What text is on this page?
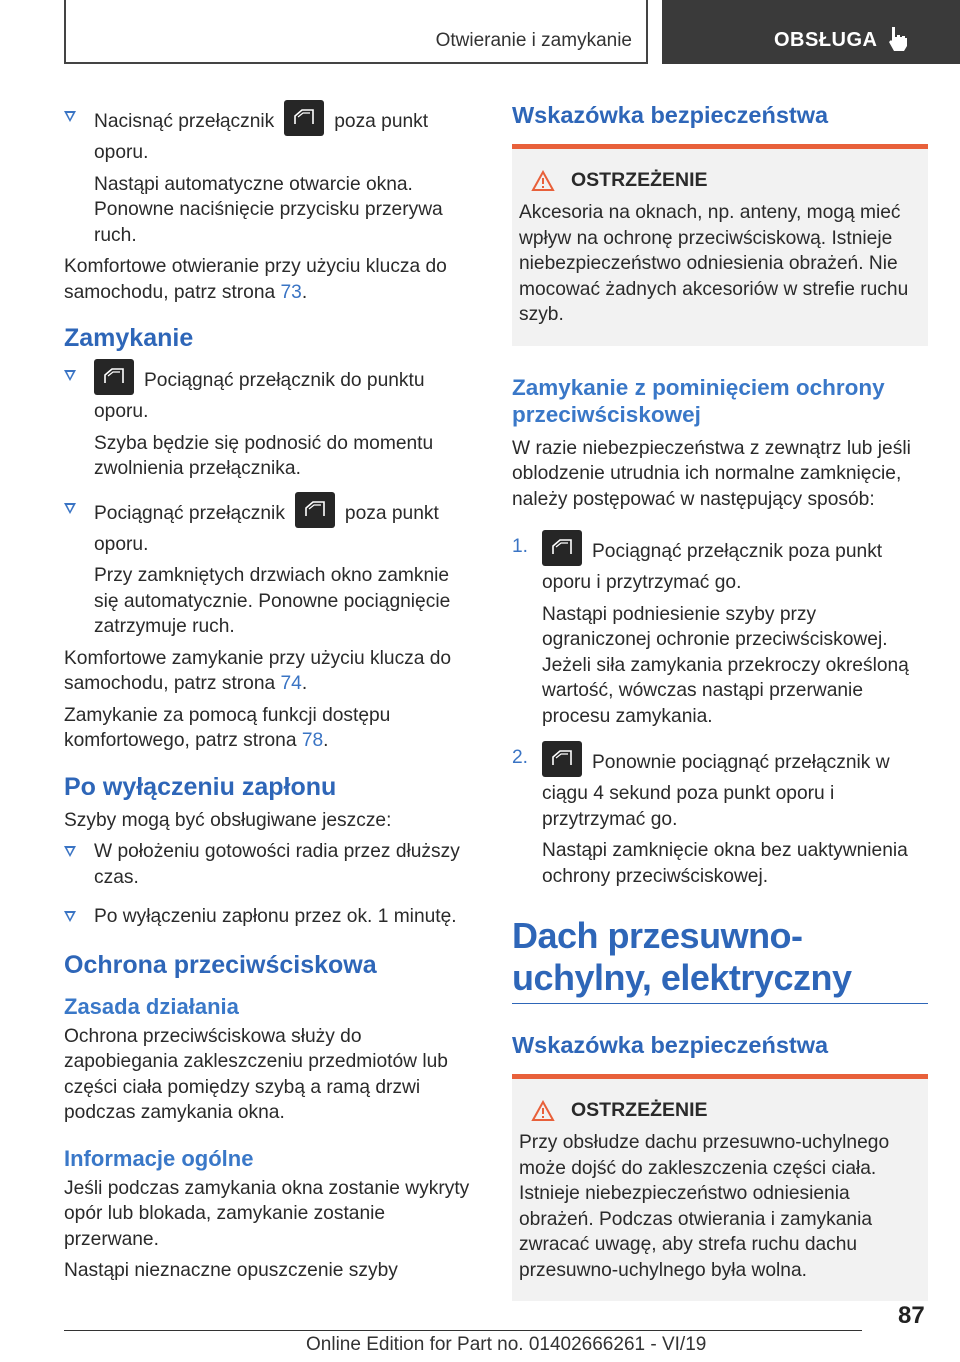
Otwieranie i zamykanie	OBSŁUGA
Nacisnąć przełącznik	poza punkt oporu.
Nastąpi automatyczne otwarcie okna. Ponowne naciśnięcie przycisku przerywa ruch.

Komfortowe otwieranie przy użyciu klucza do samochodu, patrz strona 73.

Zamykanie
Pociągnąć przełącznik do punktu oporu.
Szyba będzie się podnosić do momentu zwolnienia przełącznika.
Pociągnąć przełącznik	poza punkt oporu.
Przy zamkniętych drzwiach okno zamknie się automatycznie. Ponowne pociągnięcie zatrzymuje ruch.

Komfortowe zamykanie przy użyciu klucza do samochodu, patrz strona 74.

Zamykanie za pomocą funkcji dostępu komfortowego, patrz strona 78.

Po wyłączeniu zapłonu

Szyby mogą być obsługiwane jeszcze:

W położeniu gotowości radia przez dłuższy czas.
Po wyłączeniu zapłonu przez ok. 1 minutę.
Ochrona przeciwściskowa
Zasada działania

Ochrona przeciwściskowa służy do zapobiegania zakleszczeniu przedmiotów lub części ciała pomiędzy szybą a ramą drzwi podczas zamykania okna.

Informacje ogólne

Jeśli podczas zamykania okna zostanie wykryty opór lub blokada, zamykanie zostanie przerwane.

Nastąpi nieznaczne opuszczenie szyby

Wskazówka bezpieczeństwa
OSTRZEŻENIE
Akcesoria na oknach, np. anteny, mogą mieć wpływ na ochronę przeciwściskową. Istnieje niebezpieczeństwo odniesienia obrażeń. Nie mocować żadnych akcesoriów w strefie ruchu szyb.
Zamykanie z pominięciem ochrony przeciwściskowej

W razie niebezpieczeństwa z zewnątrz lub jeśli oblodzenie utrudnia ich normalne zamknięcie, należy postępować w następujący sposób:

1.	Pociągnąć przełącznik poza punkt oporu i przytrzymać go.
Nastąpi podniesienie szyby przy ograniczonej ochronie przeciwściskowej. Jeżeli siła zamykania przekroczy określoną wartość, wówczas nastąpi przerwanie procesu zamykania.
2.	Ponownie pociągnąć przełącznik w ciągu 4 sekund poza punkt oporu i przytrzymać go.
Nastąpi zamknięcie okna bez uaktywnienia ochrony przeciwściskowej.
Dach przesuwno-uchylny, elektryczny
Wskazówka bezpieczeństwa
OSTRZEŻENIE
Przy obsłudze dachu przesuwno-uchylnego może dojść do zakleszczenia części ciała. Istnieje niebezpieczeństwo odniesienia obrażeń. Podczas otwierania i zamykania zwracać uwagę, aby strefa ruchu dachu przesuwno-uchylnego była wolna.
87
Online Edition for Part no. 01402666261 - VI/19
